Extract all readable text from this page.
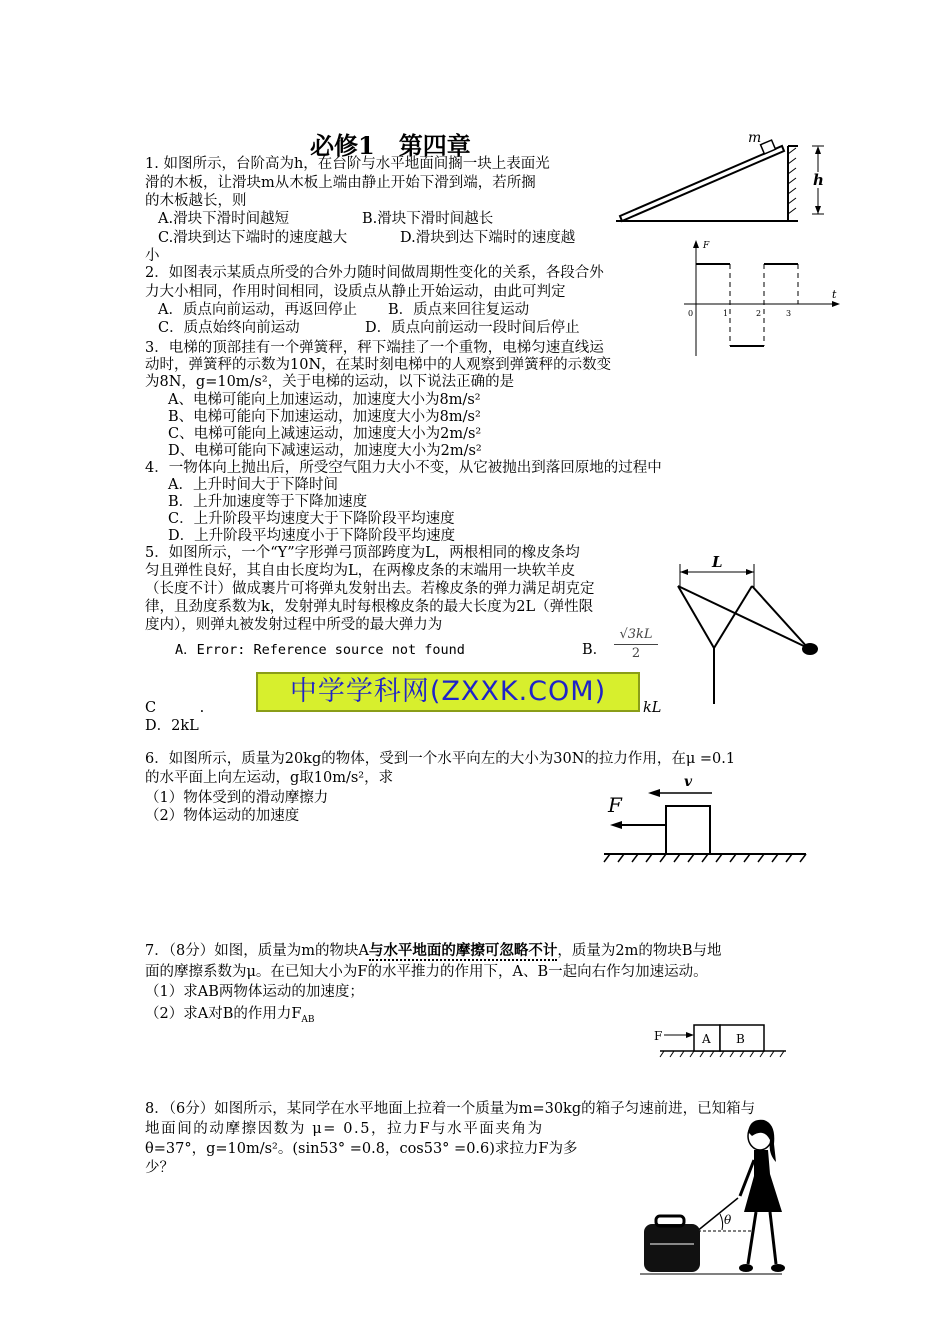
必修1　第四章
1. 如图所示，台阶高为h，在台阶与水平地面间搁一块上表面光
滑的木板，让滑块m从木板上端由静止开始下滑到端，若所搁
的木板越长，则
A.滑块下滑时间越短	B.滑块下滑时间越长
C.滑块到达下端时的速度越大	D.滑块到达下端时的速度越
小
m
h
2．如图表示某质点所受的合外力随时间做周期性变化的关系，各段合外
力大小相同，作用时间相同，设质点从静止开始运动，由此可判定
A．质点向前运动，再返回停止 B．质点来回往复运动
C．质点始终向前运动	D．质点向前运动一段时间后停止
F
t
0	1	2	3
3．电梯的顶部挂有一个弹簧秤，秤下端挂了一个重物，电梯匀速直线运
动时，弹簧秤的示数为10N，在某时刻电梯中的人观察到弹簧秤的示数变
为8N，g=10m/s²，关于电梯的运动，以下说法正确的是
A、电梯可能向上加速运动，加速度大小为8m/s²
B、电梯可能向下加速运动，加速度大小为8m/s²
C、电梯可能向上减速运动，加速度大小为2m/s²
D、电梯可能向下减速运动，加速度大小为2m/s²
4．一物体向上抛出后，所受空气阻力大小不变，从它被抛出到落回原地的过程中
A．上升时间大于下降时间
B．上升加速度等于下降加速度
C．上升阶段平均速度大于下降阶段平均速度
D．上升阶段平均速度小于下降阶段平均速度
5．如图所示，一个“Y”字形弹弓顶部跨度为L，两根相同的橡皮条均
匀且弹性良好，其自由长度均为L，在两橡皮条的末端用一块软羊皮
（长度不计）做成裹片可将弹丸发射出去。若橡皮条的弹力满足胡克定
律，且劲度系数为k，发射弹丸时每根橡皮条的最大长度为2L（弹性限
度内），则弹丸被发射过程中所受的最大弹力为
A．Error: Reference source not found	B． $\frac{√3kL}{2}$
C　　　.	kL
D．2kL
L
中学学科网(ZXXK.COM)
6．如图所示，质量为20kg的物体，受到一个水平向左的大小为30N的拉力作用，在μ =0.1
的水平面上向左运动，g取10m/s²，求
（1）物体受到的滑动摩擦力
（2）物体运动的加速度	F
v
7．（8分）如图，质量为m的物块A与水平地面的摩擦可忽略不计，质量为2m的物块B与地
面的摩擦系数为μ。在已知大小为F的水平推力的作用下，A、B一起向右作匀加速运动。
（1）求AB两物体运动的加速度；
（2）求A对B的作用力$F_{AB}$
F	A B
8．（6分）如图所示，某同学在水平地面上拉着一个质量为m=30kg的箱子匀速前进，已知箱与
地面间的动摩擦因数为 μ= 0.5，拉力F与水平面夹角为
θ=37°，g=10m/s²。(sin53° =0.8，cos53° =0.6)求拉力F为多
少？
θ
